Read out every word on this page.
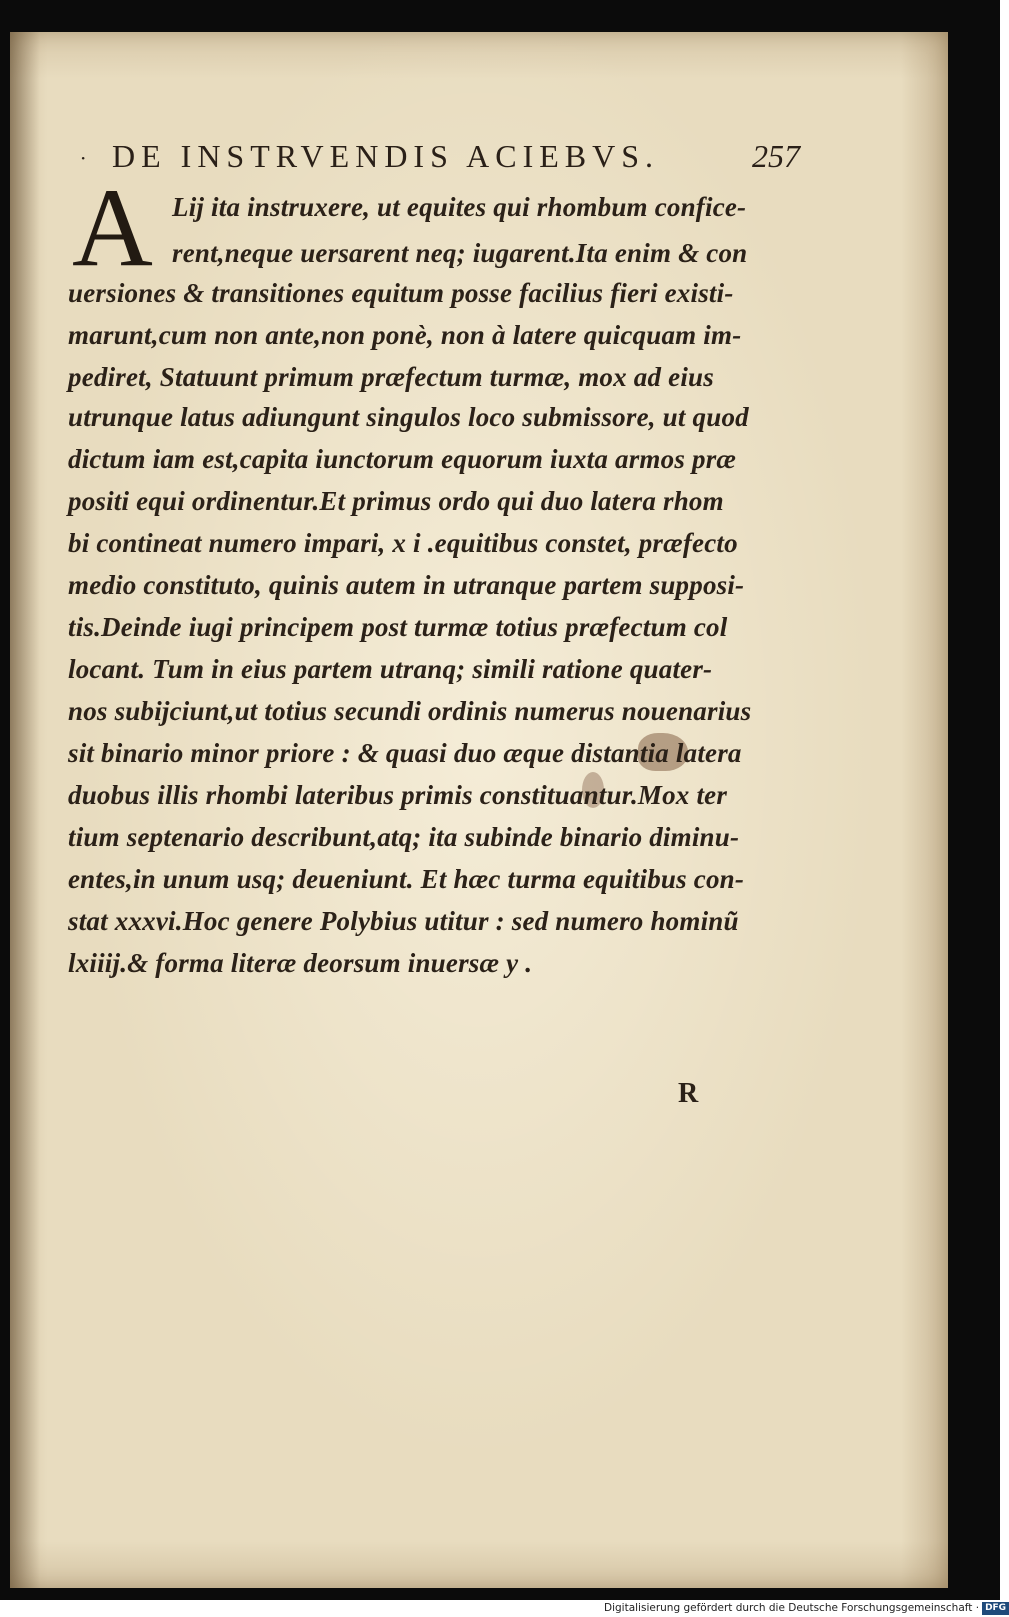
· DE INSTRVENDIS ACIEBVS.	257
A Lij ita instruxere, ut equites qui rhombum confice-
rent,neque uersarent neq; iugarent.Ita enim & con
uersiones & transitiones equitum posse facilius fieri existi-
marunt,cum non ante,non ponè, non à latere quicquam im-
pediret, Statuunt primum præfectum turmæ, mox ad eius
utrunque latus adiungunt singulos loco submissore, ut quod
dictum iam est,capita iunctorum equorum iuxta armos præ
positi equi ordinentur.Et primus ordo qui duo latera rhom
bi contineat numero impari, x i .equitibus constet, præfecto
medio constituto, quinis autem in utranque partem supposi-
tis.Deinde iugi principem post turmæ totius præfectum col
locant. Tum in eius partem utranq; simili ratione quater-
nos subijciunt,ut totius secundi ordinis numerus nouenarius
sit binario minor priore : & quasi duo æque distantia latera
duobus illis rhombi lateribus primis constituantur.Mox ter
tium septenario describunt,atq; ita subinde binario diminu-
entes,in unum usq; deueniunt. Et hæc turma equitibus con-
stat xxxvi.Hoc genere Polybius utitur : sed numero hominũ
lxiiij.& forma literæ deorsum inuersæ y .
R
Digitalisierung gefördert durch die Deutsche Forschungsgemeinschaft · DFG
